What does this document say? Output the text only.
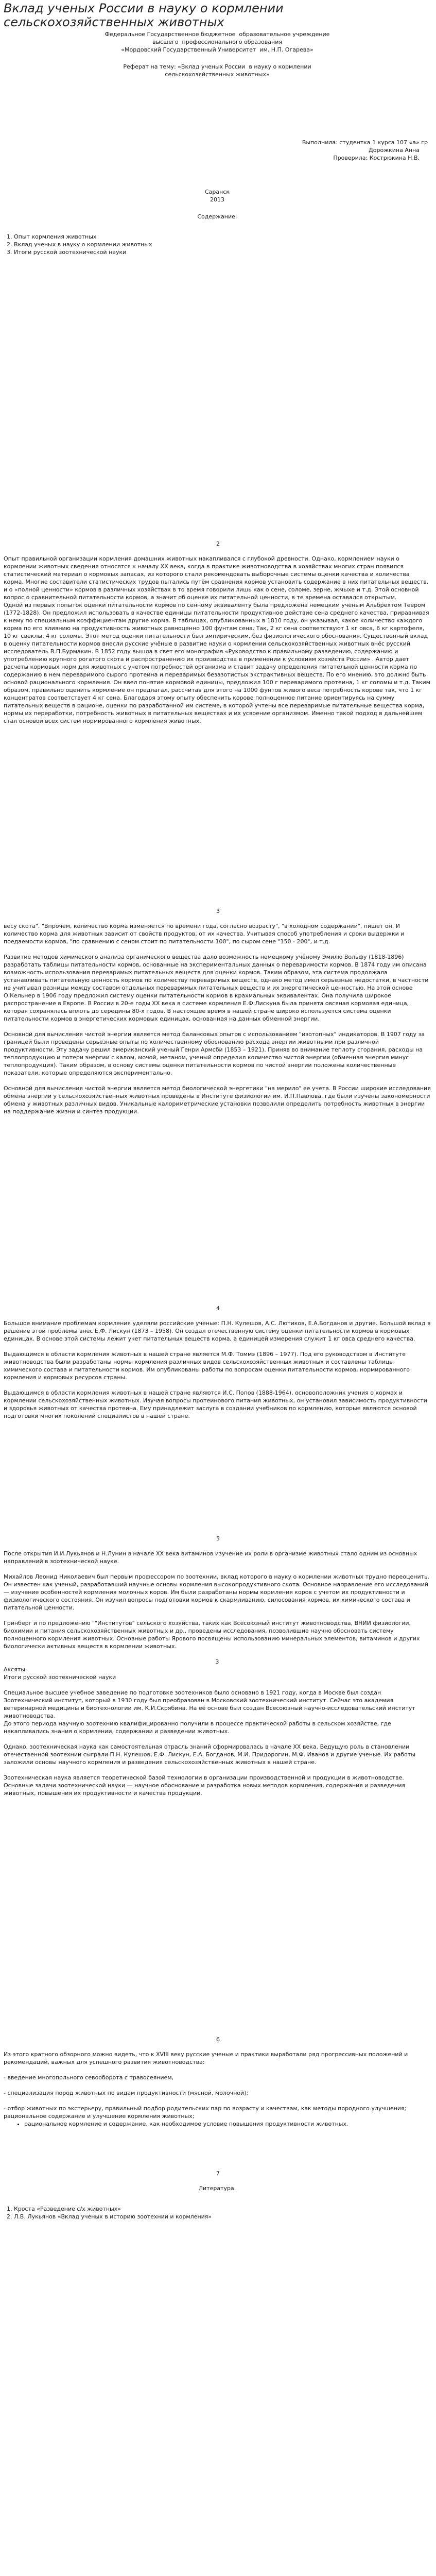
Вклад ученых России в науку о кормлении сельскохозяйственных животных
Федеральное Государственное бюджетное  образовательное учреждение
высшего  профессионального образования
«Мордовский Государственный Университет  им. Н.П. Огарева»
Реферат на тему: «Вклад ученых России  в науку о кормлении
сельскохозяйственных животных»
Выполнила: студентка 1 курса 107 «а» гр
Дорожкина Анна
Проверила: Кострюкина Н.В.
Саранск
2013
Содержание:
1. Опыт кормления животных
2. Вклад ученых в науку о кормлении животных
3. Итоги русской зоотехнической науки
2

Опыт правильной организации кормления домашних животных накапливался с глубокой древности. Однако, кормлением науки о кормлении животных сведения относятся к началу XX века, когда в практике животноводства в хозяйствах многих стран появился статистический материал о кормовых запасах, из которого стали рекомендовать выборочные системы оценки качества и количества корма. Многие составители статистических трудов пытались путём сравнения кормов установить содержание в них питательных веществ, и о «полной ценности» кормов в различных хозяйствах в то время говорили лишь как о сене, соломе, зерне, жмыхе и т.д. Этой основной вопрос о сравнительной питательности кормов, а значит об оценке их питательной ценности, в те времена оставался открытым.

Одной из первых попыток оценки питательности кормов по сенному эквиваленту была предложена немецким учёным Альбрехтом Теером (1772-1828). Он предложил использовать в качестве единицы питательности продуктивное действие сена среднего качества, приравнивая к нему по специальным коэффициентам другие корма. В таблицах, опубликованных в 1810 году, он указывал, какое количество каждого корма по его влиянию на продуктивность животных равноценно 100 фунтам сена. Так, 2 кг сена соответствуют 1 кг овса, 6 кг картофеля, 10 кг свеклы, 4 кг соломы. Этот метод оценки питательности был эмпирическим, без физиологического обоснования. Существенный вклад в оценку питательности кормов внесли русские учёные в развитие науки о кормлении сельскохозяйственных животных внёс русский исследователь В.П.Бурмакин. В 1852 году вышла в свет его монография «Руководство к правильному разведению, содержанию и употреблению крупного рогатого скота и распространению их производства в применении к условиям хозяйств России» . Автор дает расчеты кормовых норм для животных с учетом потребностей организма и ставит задачу определения питательной ценности корма по содержанию в нем переваримого сырого протеина и переваримых безазотистых экстрактивных веществ. По его мнению, это должно быть основой рационального кормления. Он ввел понятие кормовой единицы, предложил 100 г переваримого протеина, 1 кг соломы и т.д. Таким образом, правильно оценить кормление он предлагал, рассчитав для этого на 1000 фунтов живого веса потребность корове так, что 1 кг концентратов соответствует 4 кг сена. Благодаря этому опыту обеспечить корове полноценное питание ориентируясь на сумму питательных веществ в рационе, оценки по разработанной им системе, в которой учтены все переваримые питательные вещества корма, нормы их переработки, потребность животных в питательных веществах и их усвоение организмом. Именно такой подход в дальнейшем стал основой всех систем нормированного кормления животных.

3

весу скота". "Впрочем, количество корма изменяется по времени года, согласно возрасту", "в холодном содержании", пишет он. И количество корма для животных зависит от свойств продуктов, от их качества. Учитывая способ употребления и сроки выдержки и поедаемости кормов, "по сравнению с сеном стоит по питательности 100", по сыром сене "150 - 200", и т.д.

Развитие методов химического анализа органического вещества дало возможность немецкому учёному Эмилю Вольфу (1818-1896) разработать таблицы питательности кормов, основанные на экспериментальных данных о переваримости кормов. В 1874 году им описана возможность использования переваримых питательных веществ для оценки кормов. Таким образом, эта система продолжала устанавливать питательную ценность кормов по количеству переваримых веществ, однако метод имел серьезные недостатки, в частности не учитывал разницы между составом отдельных переваримых питательных веществ и их энергетической ценностью. На этой основе О.Кельнер в 1906 году предложил систему оценки питательности кормов в крахмальных эквивалентах. Она получила широкое распространение в Европе. В России в 20-е годы XX века в системе кормления Е.Ф.Лискуна была принята овсяная кормовая единица, которая сохранялась вплоть до середины 80-х годов. В настоящее время в нашей стране широко используется система оценки питательности кормов в энергетических кормовых единицах, основанная на данных обменной энергии.

Основной для вычисления чистой энергии является метод балансовых опытов с использованием "изотопных" индикаторов. В 1907 году за границей были проведены серьезные опыты по количественному обоснованию расхода энергии животными при различной продуктивности. Эту задачу решил американский ученый Генри Армсби (1853 – 1921). Приняв во внимание теплоту сгорания, расходы на теплопродукцию и потери энергии с калом, мочой, метаном, ученый определил количество чистой энергии (обменная энергия минус теплопродукция). Таким образом, в основу системы оценки питательности кормов по чистой энергии положены количественные показатели, которые определяются экспериментально.

Основной для вычисления чистой энергии является метод биологической энергетики "на мерило" ее учета. В России широкие исследования обмена энергии у сельскохозяйственных животных проведены в Институте физиологии им. И.П.Павлова, где были изучены закономерности обмена у животных различных видов. Уникальные калориметрические установки позволили определить потребность животных в энергии на поддержание жизни и синтез продукции.

4

Большое внимание проблемам кормления уделяли российские ученые: П.Н. Кулешов, А.С. Лютиков, Е.А.Богданов и другие. Большой вклад в решение этой проблемы внес Е.Ф. Лискун (1873 – 1958). Он создал отечественную систему оценки питательности кормов в кормовых единицах. В основе этой системы лежит учет питательных веществ корма, а единицей измерения служит 1 кг овса среднего качества.

Выдающимся в области кормления животных в нашей стране является М.Ф. Томмэ (1896 – 1977). Под его руководством в Институте животноводства были разработаны нормы кормления различных видов сельскохозяйственных животных и составлены таблицы химического состава и питательности кормов. Им опубликованы работы по вопросам оценки питательности кормов, нормированного кормления и кормовых ресурсов страны.

Выдающимся в области кормления животных в нашей стране являются И.С. Попов (1888-1964), основоположник учения о кормах и кормлении сельскохозяйственных животных. Изучая вопросы протеинового питания животных, он установил зависимость продуктивности и здоровья животных от качества протеина. Ему принадлежит заслуга в создании учебников по кормлению, которые являются основой подготовки многих поколений специалистов в нашей стране.

5

После открытия И.И.Лукьянов и Н.Лунин в начале XX века витаминов изучение их роли в организме животных стало одним из основных направлений в зоотехнической науке.

Михайлов Леонид Николаевич был первым профессором по зоотехнии, вклад которого в науку о кормлении животных трудно переоценить. Он известен как ученый, разработавший научные основы кормления высокопродуктивного скота. Основное направление его исследований — изучение особенностей кормления молочных коров. Им были разработаны нормы кормления коров с учетом их продуктивности и физиологического состояния. Он изучил вопросы подготовки кормов к скармливанию, силосования кормов, их химического состава и питательной ценности.

Гринберг и по предложению ""Институтов" сельского хозяйства, таких как Всесоюзный институт животноводства, ВНИИ физиологии, биохимии и питания сельскохозяйственных животных и др., проведены исследования, позволившие научно обосновать систему полноценного кормления животных. Основные работы Ярового посвящены использованию минеральных элементов, витаминов и других биологически активных веществ в кормлении животных.

3

Аксяты.

Итоги русской зоотехнической науки

Специальное высшее учебное заведение по подготовке зоотехников было основано в 1921 году, когда в Москве был создан Зоотехнический институт, который в 1930 году был преобразован в Московский зоотехнический институт. Сейчас это академия ветеринарной медицины и биотехнологии им. К.И.Скрябина. На её основе был создан Всесоюзный научно-исследовательский институт животноводства.

До этого периода научную зоотехнию квалифицированно получили в процессе практической работы в сельском хозяйстве, где накапливались знания о кормлении, содержании и разведении животных.

Однако, зоотехническая наука как самостоятельная отрасль знаний сформировалась в начале XX века. Ведущую роль в становлении отечественной зоотехнии сыграли П.Н. Кулешов, Е.Ф. Лискун, Е.А. Богданов, М.И. Придорогин, М.Ф. Иванов и другие ученые. Их работы заложили основы научного кормления и разведения сельскохозяйственных животных в нашей стране.

Зоотехническая наука является теоретической базой технологии в организации производственной и продукции в животноводстве. Основные задачи зоотехнической науки — научное обоснование и разработка новых методов кормления, содержания и разведения животных, повышения их продуктивности и качества продукции.

6

Из этого кратного обзорного можно видеть, что к XVIII веку русские ученые и практики выработали ряд прогрессивных положений и рекомендаций, важных для успешного развития животноводства:

- введение многопольного севооборота с травосеянием,

- специализация пород животных по видам продуктивности (мясной, молочной);

- отбор животных по экстерьеру, правильный подбор родительских пар по возрасту и качествам, как методы породного улучшения; рациональное содержание и улучшение кормления животных;

▪ рациональное кормление и содержание, как необходимое условие повышения продуктивности животных.
7
Литература.
1. Кроста «Разведение с/х животных»
2. Л.В. Лукьянов «Вклад ученых в историю зоотехнии и кормления»
